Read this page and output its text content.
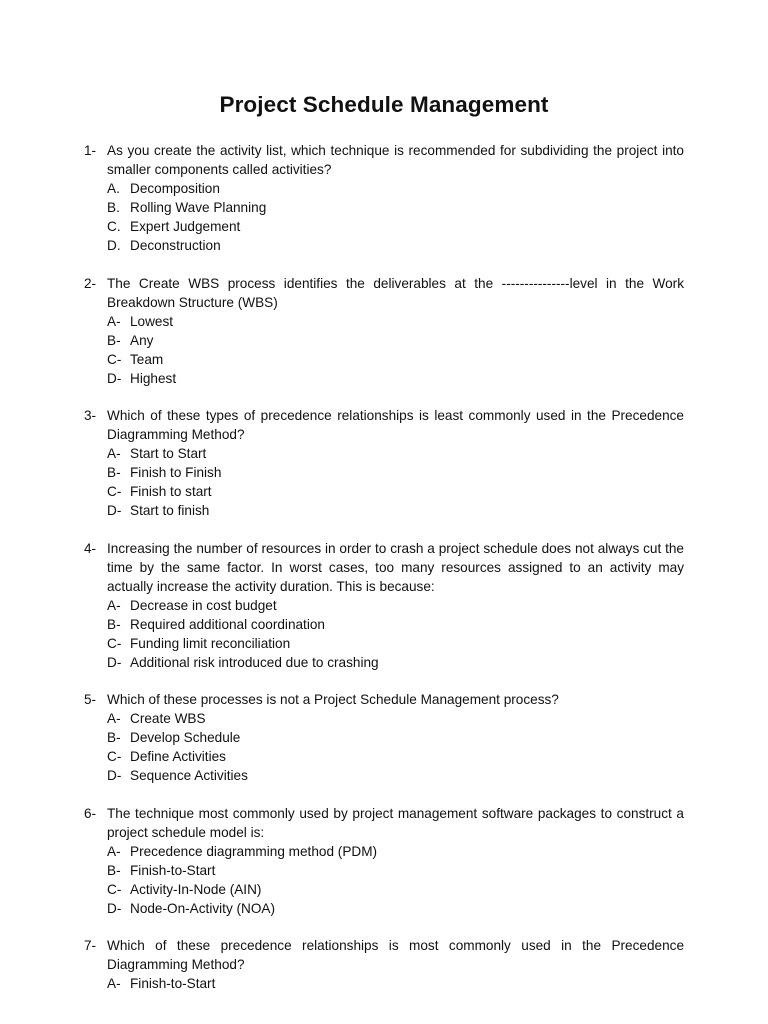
Project Schedule Management
1- As you create the activity list, which technique is recommended for subdividing the project into smaller components called activities?
A. Decomposition
B. Rolling Wave Planning
C. Expert Judgement
D. Deconstruction
2- The Create WBS process identifies the deliverables at the ---------------level in the Work Breakdown Structure (WBS)
A- Lowest
B- Any
C- Team
D- Highest
3- Which of these types of precedence relationships is least commonly used in the Precedence Diagramming Method?
A- Start to Start
B- Finish to Finish
C- Finish to start
D- Start to finish
4- Increasing the number of resources in order to crash a project schedule does not always cut the time by the same factor. In worst cases, too many resources assigned to an activity may actually increase the activity duration. This is because:
A- Decrease in cost budget
B- Required additional coordination
C- Funding limit reconciliation
D- Additional risk introduced due to crashing
5- Which of these processes is not a Project Schedule Management process?
A- Create WBS
B- Develop Schedule
C- Define Activities
D- Sequence Activities
6- The technique most commonly used by project management software packages to construct a project schedule model is:
A- Precedence diagramming method (PDM)
B- Finish-to-Start
C- Activity-In-Node (AIN)
D- Node-On-Activity (NOA)
7- Which of these precedence relationships is most commonly used in the Precedence Diagramming Method?
A- Finish-to-Start
